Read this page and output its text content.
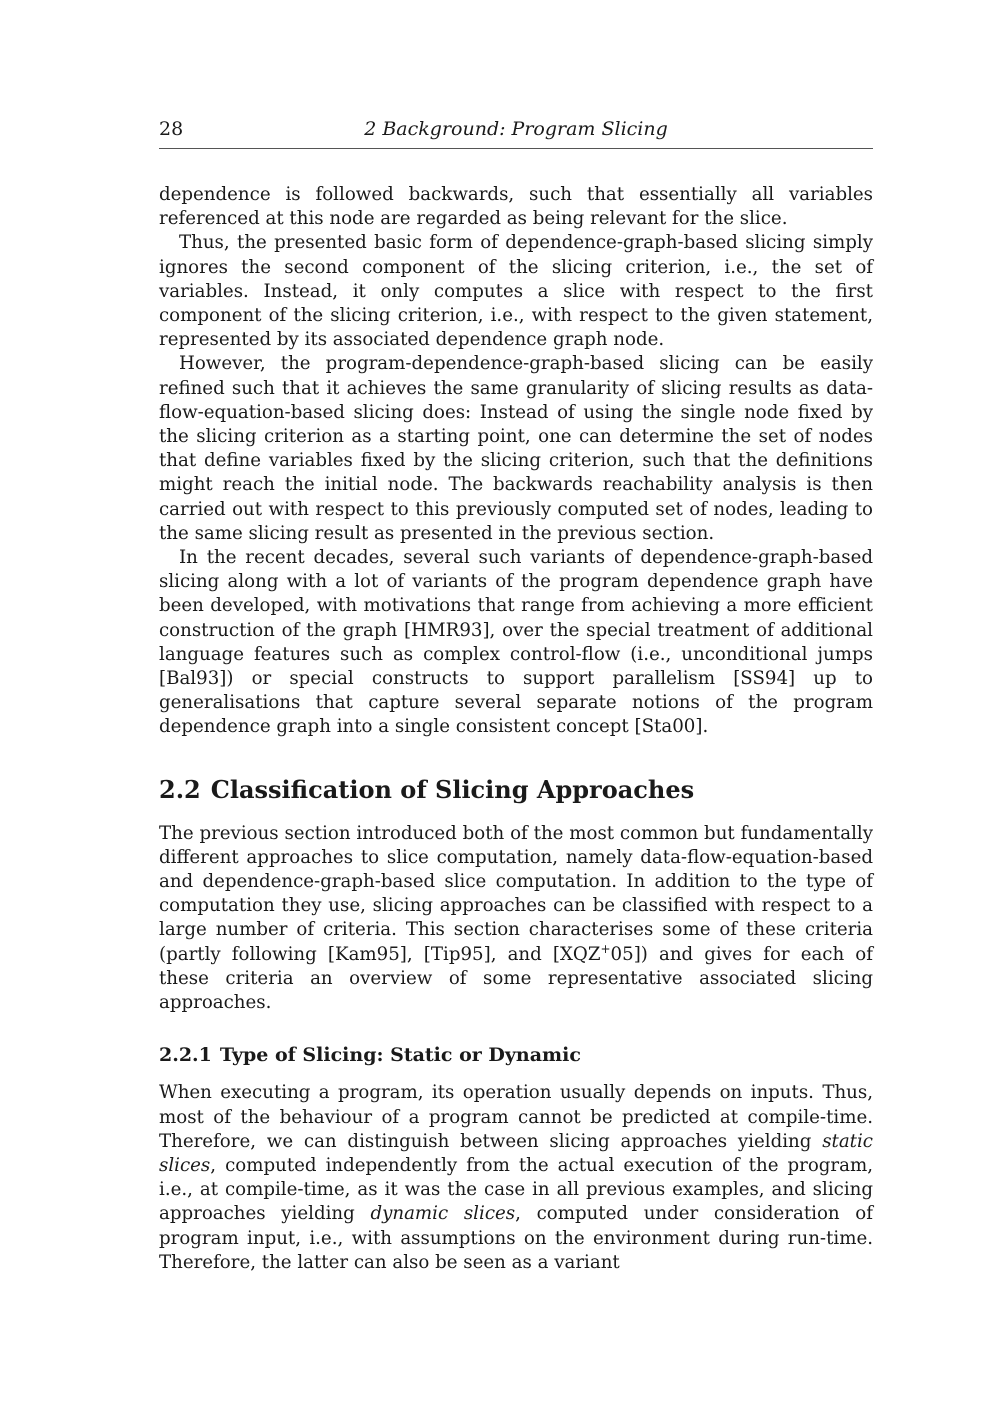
28	2 Background: Program Slicing

dependence is followed backwards, such that essentially all variables referenced at this node are regarded as being relevant for the slice.

Thus, the presented basic form of dependence-graph-based slicing simply ignores the second component of the slicing criterion, i.e., the set of variables. Instead, it only computes a slice with respect to the first component of the slicing criterion, i.e., with respect to the given statement, represented by its associated dependence graph node.

However, the program-dependence-graph-based slicing can be easily refined such that it achieves the same granularity of slicing results as data-flow-equation-based slicing does: Instead of using the single node fixed by the slicing criterion as a starting point, one can determine the set of nodes that define variables fixed by the slicing criterion, such that the definitions might reach the initial node. The backwards reachability analysis is then carried out with respect to this previously computed set of nodes, leading to the same slicing result as presented in the previous section.

In the recent decades, several such variants of dependence-graph-based slicing along with a lot of variants of the program dependence graph have been developed, with motivations that range from achieving a more efficient construction of the graph [HMR93], over the special treatment of additional language features such as complex control-flow (i.e., unconditional jumps [Bal93]) or special constructs to support parallelism [SS94] up to generalisations that capture several separate notions of the program dependence graph into a single consistent concept [Sta00].

2.2 Classification of Slicing Approaches

The previous section introduced both of the most common but fundamentally different approaches to slice computation, namely data-flow-equation-based and dependence-graph-based slice computation. In addition to the type of computation they use, slicing approaches can be classified with respect to a large number of criteria. This section characterises some of these criteria (partly following [Kam95], [Tip95], and [XQZ+05]) and gives for each of these criteria an overview of some representative associated slicing approaches.

2.2.1 Type of Slicing: Static or Dynamic

When executing a program, its operation usually depends on inputs. Thus, most of the behaviour of a program cannot be predicted at compile-time. Therefore, we can distinguish between slicing approaches yielding static slices, computed independently from the actual execution of the program, i.e., at compile-time, as it was the case in all previous examples, and slicing approaches yielding dynamic slices, computed under consideration of program input, i.e., with assumptions on the environment during run-time. Therefore, the latter can also be seen as a variant
